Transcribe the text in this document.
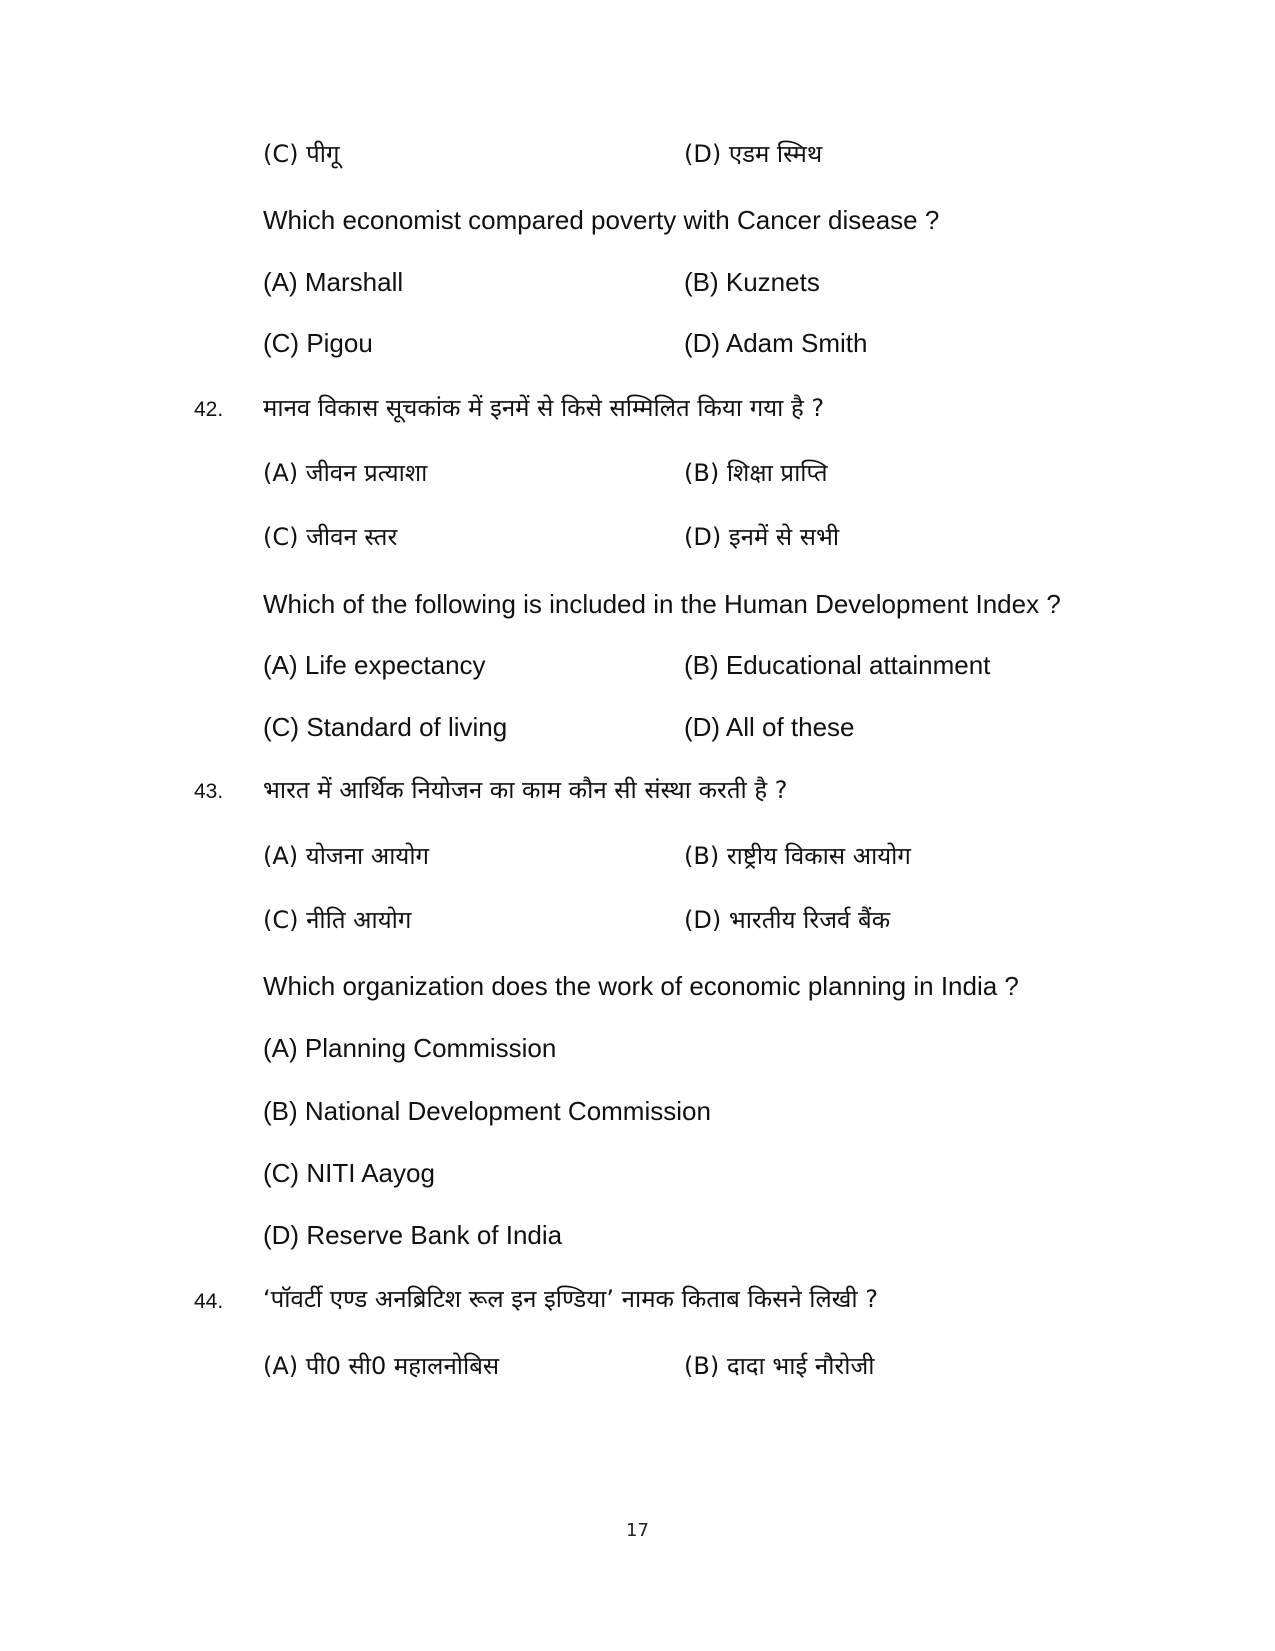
(C) पीगू	(D) एडम स्मिथ
Which economist compared poverty with Cancer disease ?
(A) Marshall	(B) Kuznets
(C) Pigou	(D) Adam Smith
42. मानव विकास सूचकांक में इनमें से किसे सम्मिलित किया गया है ?
(A) जीवन प्रत्याशा	(B) शिक्षा प्राप्ति
(C) जीवन स्तर	(D) इनमें से सभी
Which of the following is included in the Human Development Index ?
(A) Life expectancy	(B) Educational attainment
(C) Standard of living	(D) All of these
43. भारत में आर्थिक नियोजन का काम कौन सी संस्था करती है ?
(A) योजना आयोग	(B) राष्ट्रीय विकास आयोग
(C) नीति आयोग	(D) भारतीय रिजर्व बैंक
Which organization does the work of economic planning in India ?
(A) Planning Commission
(B) National Development Commission
(C) NITI Aayog
(D) Reserve Bank of India
44. ‘पॉवर्टी एण्ड अनब्रिटिश रूल इन इण्डिया’ नामक किताब किसने लिखी ?
(A) पी0 सी0 महालनोबिस	(B) दादा भाई नौरोजी
17
